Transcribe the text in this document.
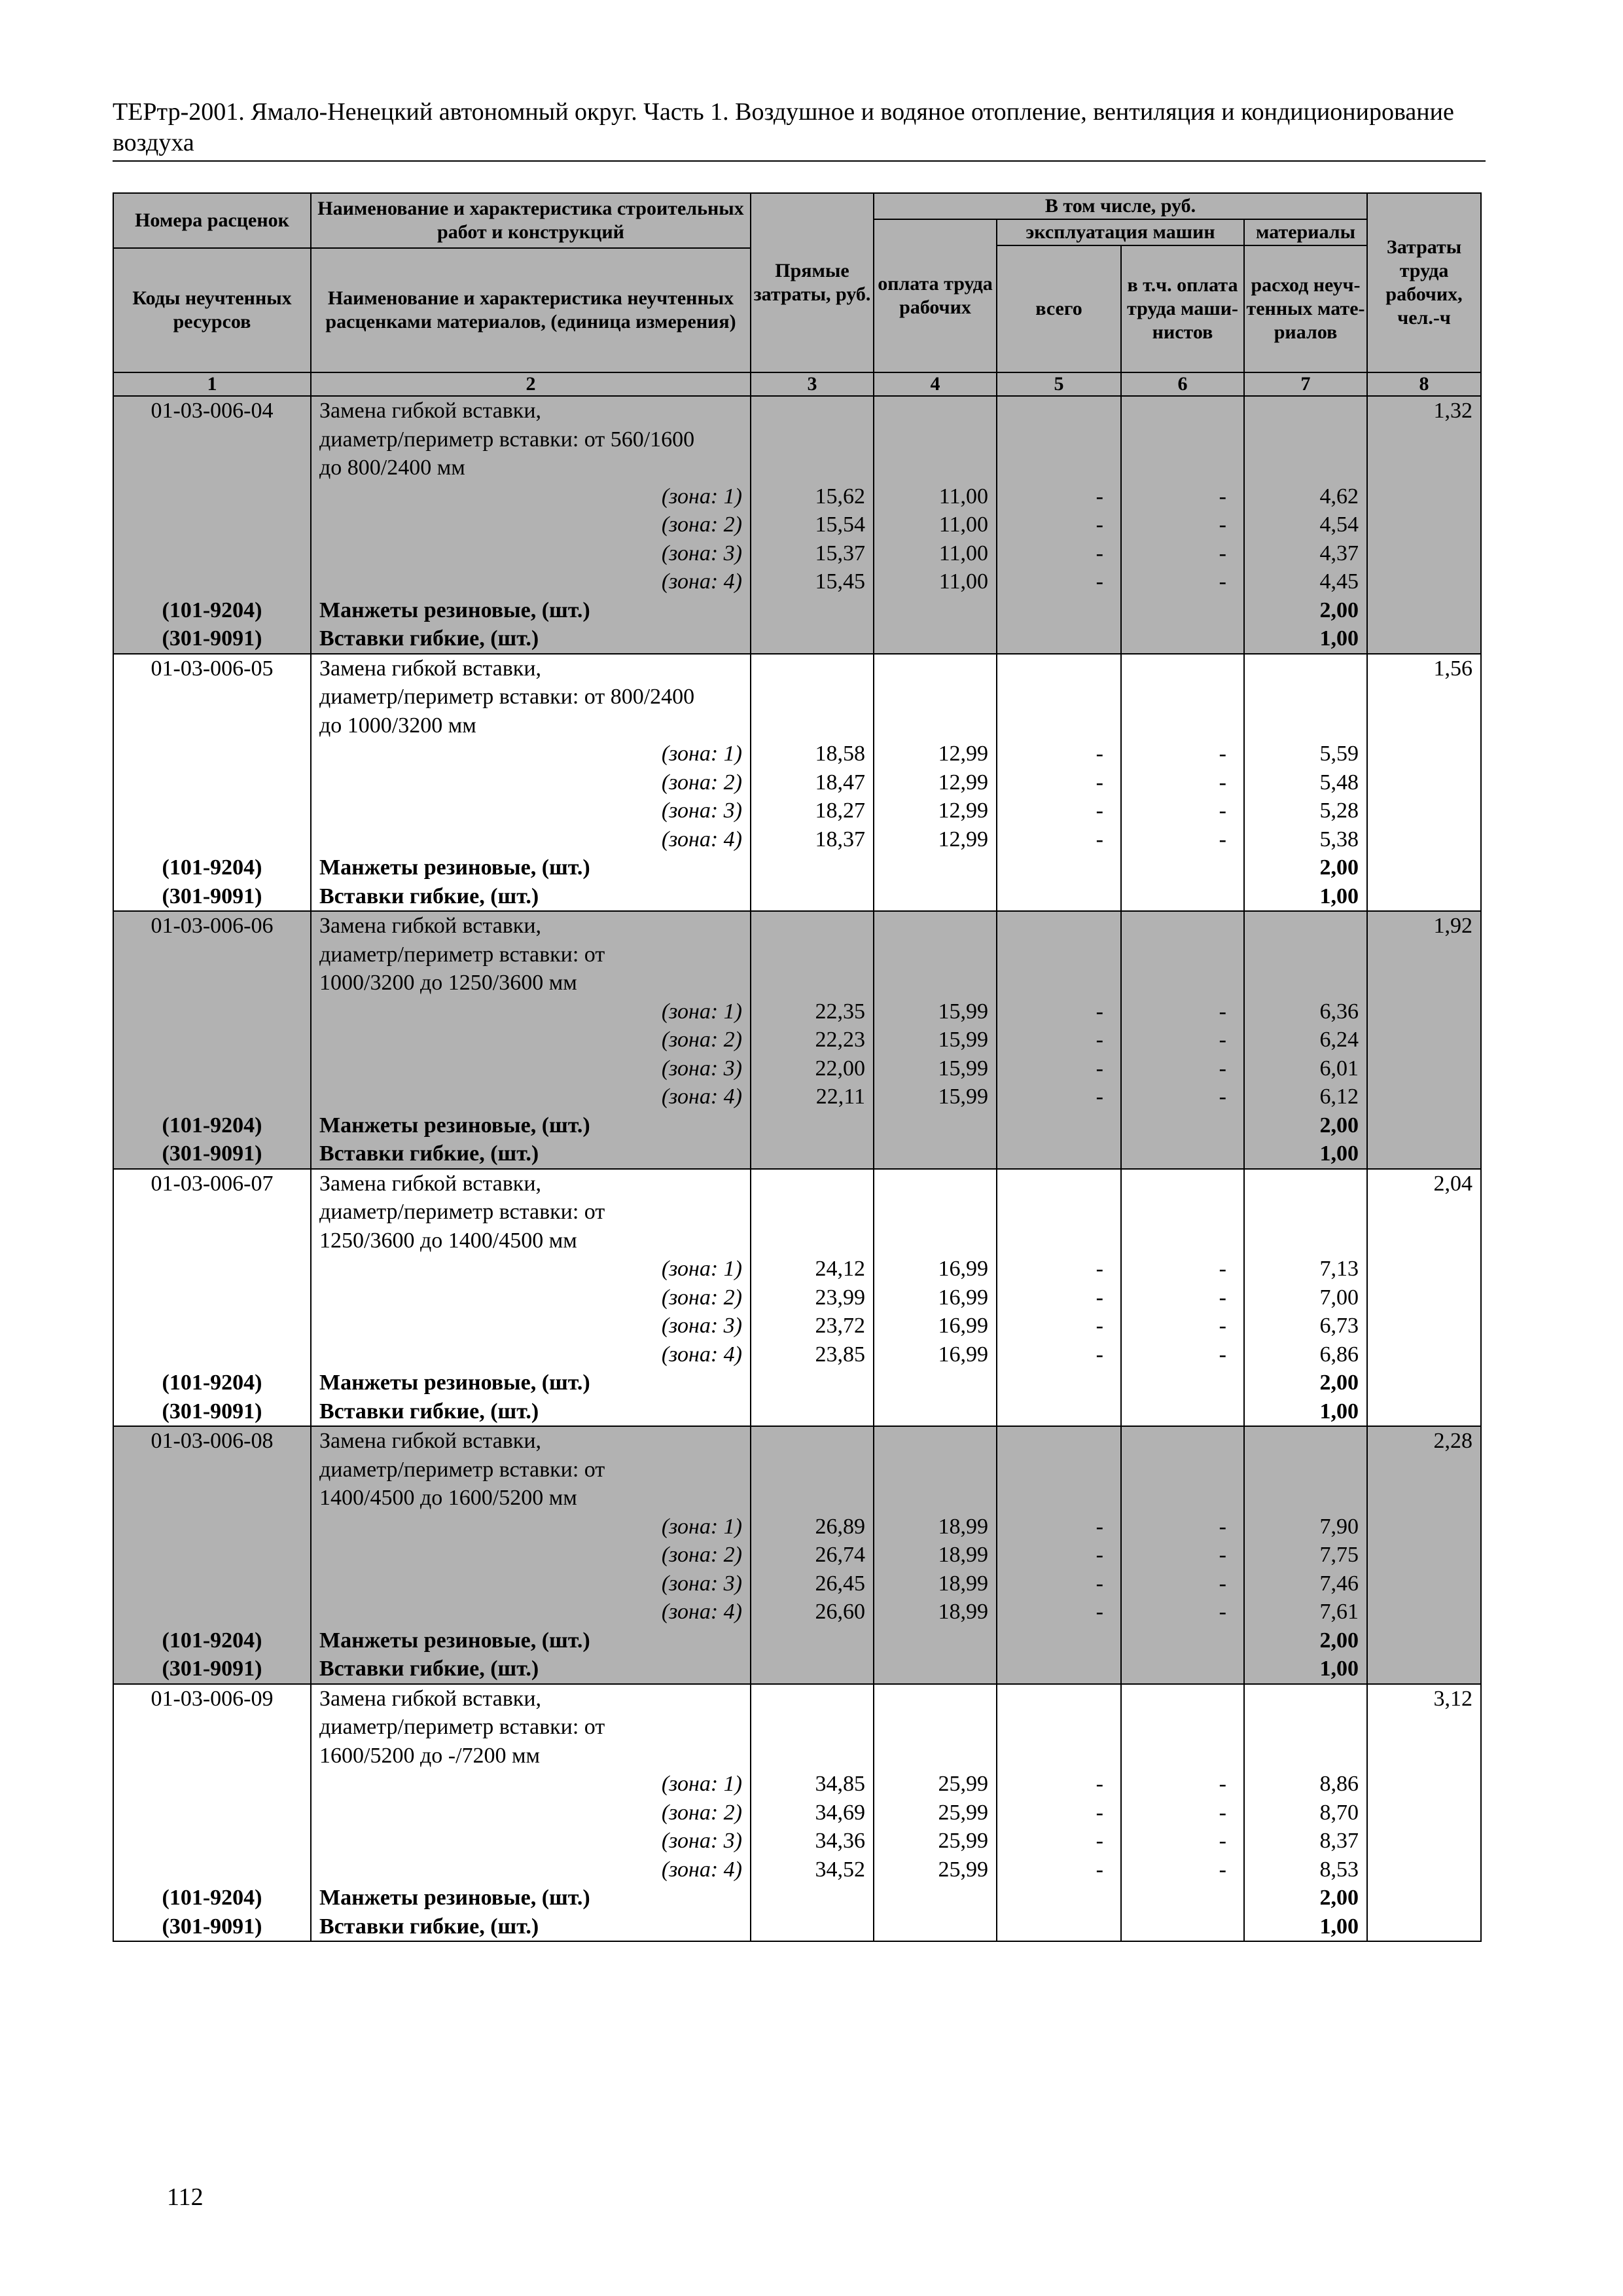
ТЕРтр-2001. Ямало-Ненецкий автономный округ. Часть 1. Воздушное и водяное отопление, вентиляция и кондиционирование воздуха
Номера расценок	Наименование и характеристика строительных работ и конструкций	Прямые затраты, руб.	В том числе, руб.				Затраты труда рабочих, чел.-ч
			оплата труда рабочих	эксплуатация машин		материалы	
				всего	в т.ч. оплата труда маши- нистов	расход неуч- тенных мате- риалов	
Коды неучтенных ресурсов	Наименование и характеристика неучтенных расценками материалов, (единица измерения)						

1	2	3	4	5	6	7	8
01-03-006-04	Замена гибкой вставки,						1,32
	диаметр/периметр вставки: от 560/1600						
	до 800/2400 мм						
	(зона: 1)	15,62	11,00	-	-	4,62	
	(зона: 2)	15,54	11,00	-	-	4,54	
	(зона: 3)	15,37	11,00	-	-	4,37	
	(зона: 4)	15,45	11,00	-	-	4,45	
(101-9204)	Манжеты резиновые, (шт.)					2,00	
(301-9091)	Вставки гибкие, (шт.)					1,00	
01-03-006-05	Замена гибкой вставки,						1,56
	диаметр/периметр вставки: от 800/2400						
	до 1000/3200 мм						
	(зона: 1)	18,58	12,99	-	-	5,59	
	(зона: 2)	18,47	12,99	-	-	5,48	
	(зона: 3)	18,27	12,99	-	-	5,28	
	(зона: 4)	18,37	12,99	-	-	5,38	
(101-9204)	Манжеты резиновые, (шт.)					2,00	
(301-9091)	Вставки гибкие, (шт.)					1,00	
01-03-006-06	Замена гибкой вставки,						1,92
	диаметр/периметр вставки: от						
	1000/3200 до 1250/3600 мм						
	(зона: 1)	22,35	15,99	-	-	6,36	
	(зона: 2)	22,23	15,99	-	-	6,24	
	(зона: 3)	22,00	15,99	-	-	6,01	
	(зона: 4)	22,11	15,99	-	-	6,12	
(101-9204)	Манжеты резиновые, (шт.)					2,00	
(301-9091)	Вставки гибкие, (шт.)					1,00	
01-03-006-07	Замена гибкой вставки,						2,04
	диаметр/периметр вставки: от						
	1250/3600 до 1400/4500 мм						
	(зона: 1)	24,12	16,99	-	-	7,13	
	(зона: 2)	23,99	16,99	-	-	7,00	
	(зона: 3)	23,72	16,99	-	-	6,73	
	(зона: 4)	23,85	16,99	-	-	6,86	
(101-9204)	Манжеты резиновые, (шт.)					2,00	
(301-9091)	Вставки гибкие, (шт.)					1,00	
01-03-006-08	Замена гибкой вставки,						2,28
	диаметр/периметр вставки: от						
	1400/4500 до 1600/5200 мм						
	(зона: 1)	26,89	18,99	-	-	7,90	
	(зона: 2)	26,74	18,99	-	-	7,75	
	(зона: 3)	26,45	18,99	-	-	7,46	
	(зона: 4)	26,60	18,99	-	-	7,61	
(101-9204)	Манжеты резиновые, (шт.)					2,00	
(301-9091)	Вставки гибкие, (шт.)					1,00	
01-03-006-09	Замена гибкой вставки,						3,12
	диаметр/периметр вставки: от						
	1600/5200 до -/7200 мм						
	(зона: 1)	34,85	25,99	-	-	8,86	
	(зона: 2)	34,69	25,99	-	-	8,70	
	(зона: 3)	34,36	25,99	-	-	8,37	
	(зона: 4)	34,52	25,99	-	-	8,53	
(101-9204)	Манжеты резиновые, (шт.)					2,00	
(301-9091)	Вставки гибкие, (шт.)					1,00	
112
